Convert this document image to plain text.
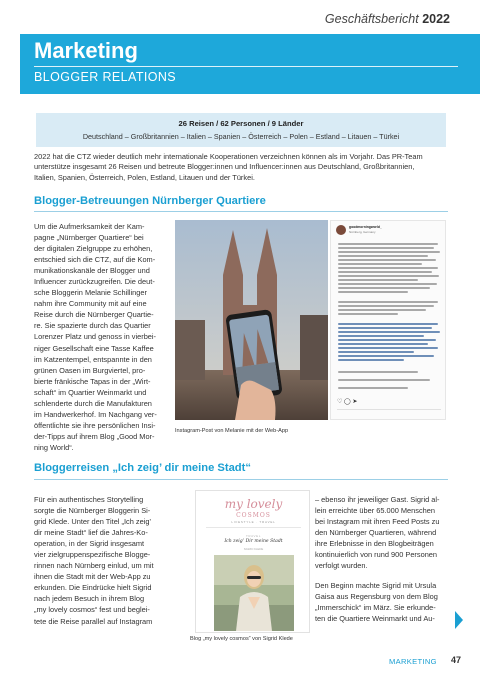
Geschäftsbericht 2022
Marketing
BLOGGER RELATIONS
26 Reisen / 62 Personen / 9 Länder
Deutschland – Großbritannien – Italien – Spanien – Österreich – Polen – Estland – Litauen – Türkei
2022 hat die CTZ wieder deutlich mehr internationale Kooperationen verzeichnen können als im Vorjahr. Das PR-Team
unterstütze insgesamt 26 Reisen und betreute Blogger:innen und Influencer:innen aus Deutschland, Großbritannien,
Italien, Spanien, Österreich, Polen, Estland, Litauen und der Türkei.
Blogger-Betreuungen Nürnberger Quartiere
Um die Aufmerksamkeit der Kam-
pagne „Nürnberger Quartiere“ bei
der digitalen Zielgruppe zu erhöhen,
entschied sich die CTZ, auf die Kom-
munikationskanäle der Blogger und
Influencer zurückzugreifen. Die deut-
sche Bloggerin Melanie Schillinger
nahm ihre Community mit auf eine
Reise durch die Nürnberger Quartie-
re. Sie spazierte durch das Quartier
Lorenzer Platz und genoss in vierbei-
niger Gesellschaft eine Tasse Kaffee
im Katzentempel, entspannte in den
grünen Oasen im Burgviertel, pro-
bierte fränkische Tapas in der „Wirt-
schaft“ im Quartier Weinmarkt und
schlenderte durch die Manufakturen
im Handwerkerhof. Im Nachgang ver-
öffentlichte sie ihre persönlichen Insi-
der-Tipps auf ihrem Blog „Good Mor-
ning World“.
goodmorningworld_
Nürnberg, Germany
♡ ◯ ➤
Instagram-Post von Melanie mit der Web-App
Bloggerreisen „Ich zeig’ dir meine Stadt“
Für ein authentisches Storytelling
sorgte die Nürnberger Bloggerin Si-
grid Klede. Unter den Titel „Ich zeig’
dir meine Stadt“ lief die Jahres-Ko-
operation, in der Sigrid insgesamt
vier zielgruppenspezifische Blogge-
rinnen nach Nürnberg einlud, um mit
ihnen die Stadt mit der Web-App zu
erkunden. Die Eindrücke hielt Sigrid
nach jedem Besuch in ihrem Blog
„my lovely cosmos“ fest und beglei-
tete die Reise parallel auf Instagram
my lovely
COSMOS
LIFESTYLE · TRAVEL
TRAVEL
Ich zeig’ Dir meine Stadt
SIGRID KLEDE
Blog „my lovely cosmos“ von Sigrid Klede
– ebenso ihr jeweiliger Gast. Sigrid al-
lein erreichte über 65.000 Menschen
bei Instagram mit ihren Feed Posts zu
den Nürnberger Quartieren, während
ihre Erlebnisse in den Blogbeiträgen
kontinuierlich von rund 900 Personen
verfolgt wurden.
Den Beginn machte Sigrid mit Ursula
Gaisa aus Regensburg von dem Blog
„Immerschick“ im März. Sie erkunde-
ten die Quartiere Weinmarkt und Au-
MARKETING 47
